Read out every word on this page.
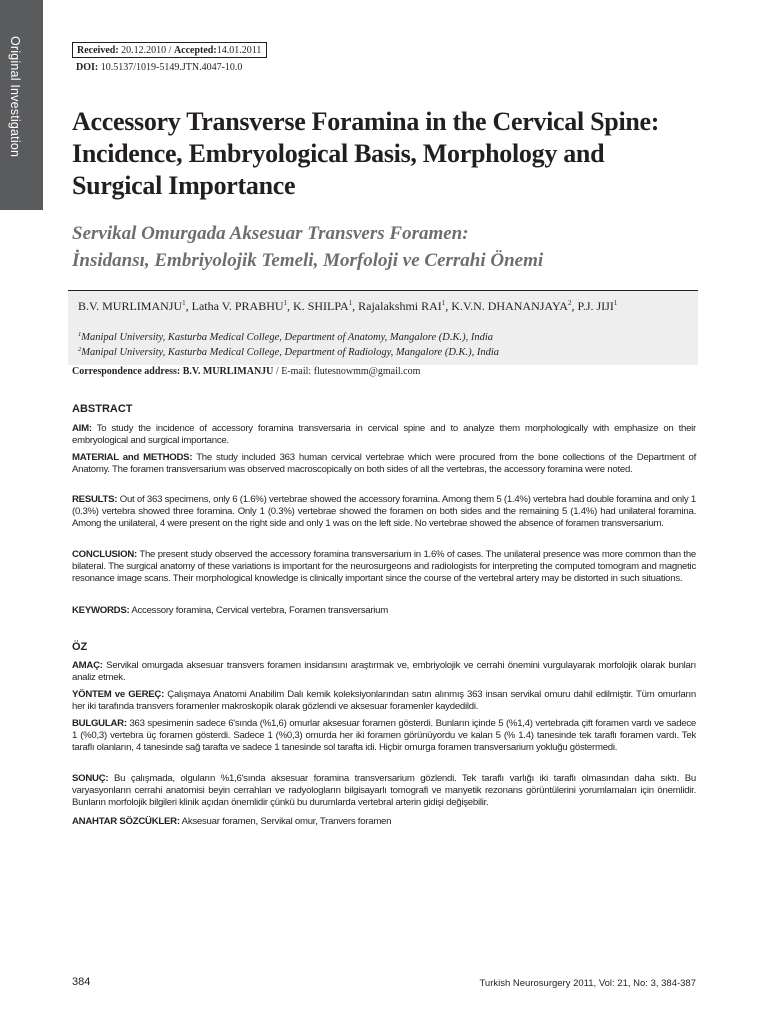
Original Investigation	Received: 20.12.2010 / Accepted:14.01.2011
DOI: 10.5137/1019-5149.JTN.4047-10.0
Accessory Transverse Foramina in the Cervical Spine:
Incidence, Embryological Basis, Morphology and
Surgical Importance
Servikal Omurgada Aksesuar Transvers Foramen:
İnsidansı, Embriyolojik Temeli, Morfoloji ve Cerrahi Önemi
B.V. MURLIMANJU$^1$, Latha V. PRABHU$^1$, K. SHILPA$^1$, Rajalakshmi RAI$^1$, K.V.N. DHANANJAYA$^2$, P.J. JIJI$^1$
$^1$Manipal University, Kasturba Medical College, Department of Anatomy, Mangalore (D.K.), India
$^2$Manipal University, Kasturba Medical College, Department of Radiology, Mangalore (D.K.), India
Correspondence address: B.V. MURLIMANJU / E-mail: flutesnowmm@gmail.com
ABSTRACT

AIM: To study the incidence of accessory foramina transversaria in cervical spine and to analyze them morphologically with emphasize on their embryological and surgical importance.

MATERIAL and METHODS: The study included 363 human cervical vertebrae which were procured from the bone collections of the Department of Anatomy. The foramen transversarium was observed macroscopically on both sides of all the vertebras, the accessory foramina were noted.

RESULTS: Out of 363 specimens, only 6 (1.6%) vertebrae showed the accessory foramina. Among them 5 (1.4%) vertebra had double foramina and only 1 (0.3%) vertebra showed three foramina. Only 1 (0.3%) vertebrae showed the foramen on both sides and the remaining 5 (1.4%) had unilateral foramina. Among the unilateral, 4 were present on the right side and only 1 was on the left side. No vertebrae showed the absence of foramen transversarium.

CONCLUSION: The present study observed the accessory foramina transversarium in 1.6% of cases. The unilateral presence was more common than the bilateral. The surgical anatomy of these variations is important for the neurosurgeons and radiologists for interpreting the computed tomogram and magnetic resonance image scans. Their morphological knowledge is clinically important since the course of the vertebral artery may be distorted in such situations.

KEYWORDS: Accessory foramina, Cervical vertebra, Foramen transversarium

ÖZ

AMAÇ: Servikal omurgada aksesuar transvers foramen insidansını araştırmak ve, embriyolojik ve cerrahi önemini vurgulayarak morfolojik olarak bunları analiz etmek.

YÖNTEM ve GEREÇ: Çalışmaya Anatomi Anabilim Dalı kemik koleksiyonlarından satın alınmış 363 insan servikal omuru dahil edilmiştir. Tüm omurların her iki tarafında transvers foramenler makroskopik olarak gözlendi ve aksesuar foramenler kaydedildi.

BULGULAR: 363 spesimenin sadece 6'sında (%1,6) omurlar aksesuar foramen gösterdi. Bunların içinde 5 (%1,4) vertebrada çift foramen vardı ve sadece 1 (%0,3) vertebra üç foramen gösterdi. Sadece 1 (%0,3) omurda her iki foramen görünüyordu ve kalan 5 (% 1.4) tanesinde tek taraflı foramen vardı. Tek taraflı olanların, 4 tanesinde sağ tarafta ve sadece 1 tanesinde sol tarafta idi. Hiçbir omurga foramen transversarium yokluğu göstermedi.

SONUÇ: Bu çalışmada, olguların %1,6'sında aksesuar foramina transversarium gözlendi. Tek taraflı varlığı iki taraflı olmasından daha sıktı. Bu varyasyonların cerrahi anatomisi beyin cerrahları ve radyologların bilgisayarlı tomografi ve manyetik rezonans görüntülerini yorumlamaları için önemlidir. Bunların morfolojik bilgileri klinik açıdan önemlidir çünkü bu durumlarda vertebral arterin gidişi değişebilir.

ANAHTAR SÖZCÜKLER: Aksesuar foramen, Servikal omur, Tranvers foramen

384	Turkish Neurosurgery 2011, Vol: 21, No: 3, 384-387
